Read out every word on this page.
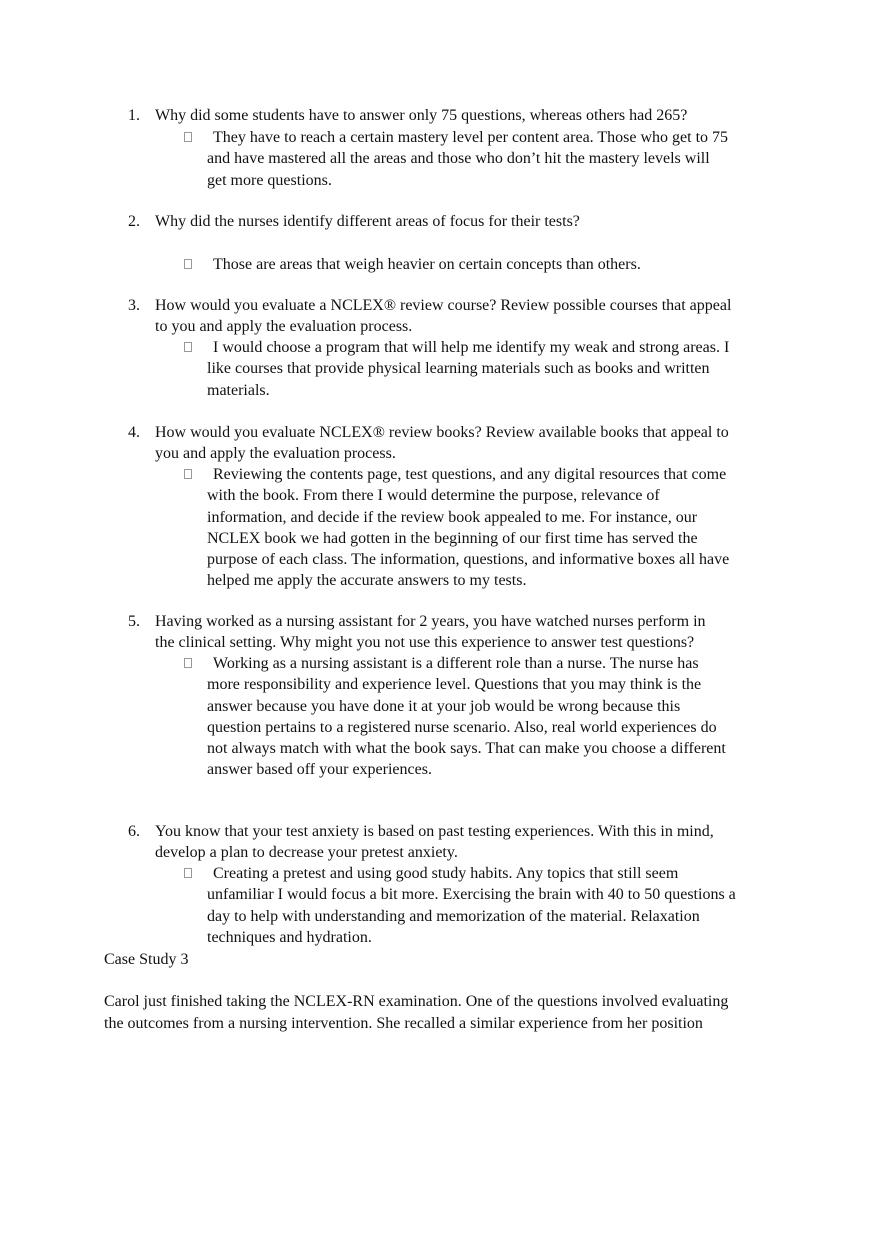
1. Why did some students have to answer only 75 questions, whereas others had 265?
They have to reach a certain mastery level per content area. Those who get to 75
and have mastered all the areas and those who don’t hit the mastery levels will
get more questions.
2. Why did the nurses identify different areas of focus for their tests?
Those are areas that weigh heavier on certain concepts than others.
3. How would you evaluate a NCLEX® review course? Review possible courses that appeal
to you and apply the evaluation process.
I would choose a program that will help me identify my weak and strong areas. I
like courses that provide physical learning materials such as books and written
materials.
4. How would you evaluate NCLEX® review books? Review available books that appeal to
you and apply the evaluation process.
Reviewing the contents page, test questions, and any digital resources that come
with the book. From there I would determine the purpose, relevance of
information, and decide if the review book appealed to me. For instance, our
NCLEX book we had gotten in the beginning of our first time has served the
purpose of each class. The information, questions, and informative boxes all have
helped me apply the accurate answers to my tests.
5. Having worked as a nursing assistant for 2 years, you have watched nurses perform in
the clinical setting. Why might you not use this experience to answer test questions?
Working as a nursing assistant is a different role than a nurse. The nurse has
more responsibility and experience level. Questions that you may think is the
answer because you have done it at your job would be wrong because this
question pertains to a registered nurse scenario. Also, real world experiences do
not always match with what the book says. That can make you choose a different
answer based off your experiences.
6. You know that your test anxiety is based on past testing experiences. With this in mind,
develop a plan to decrease your pretest anxiety.
Creating a pretest and using good study habits. Any topics that still seem
unfamiliar I would focus a bit more. Exercising the brain with 40 to 50 questions a
day to help with understanding and memorization of the material. Relaxation
techniques and hydration.
Case Study 3
Carol just finished taking the NCLEX-RN examination. One of the questions involved evaluating
the outcomes from a nursing intervention. She recalled a similar experience from her position
